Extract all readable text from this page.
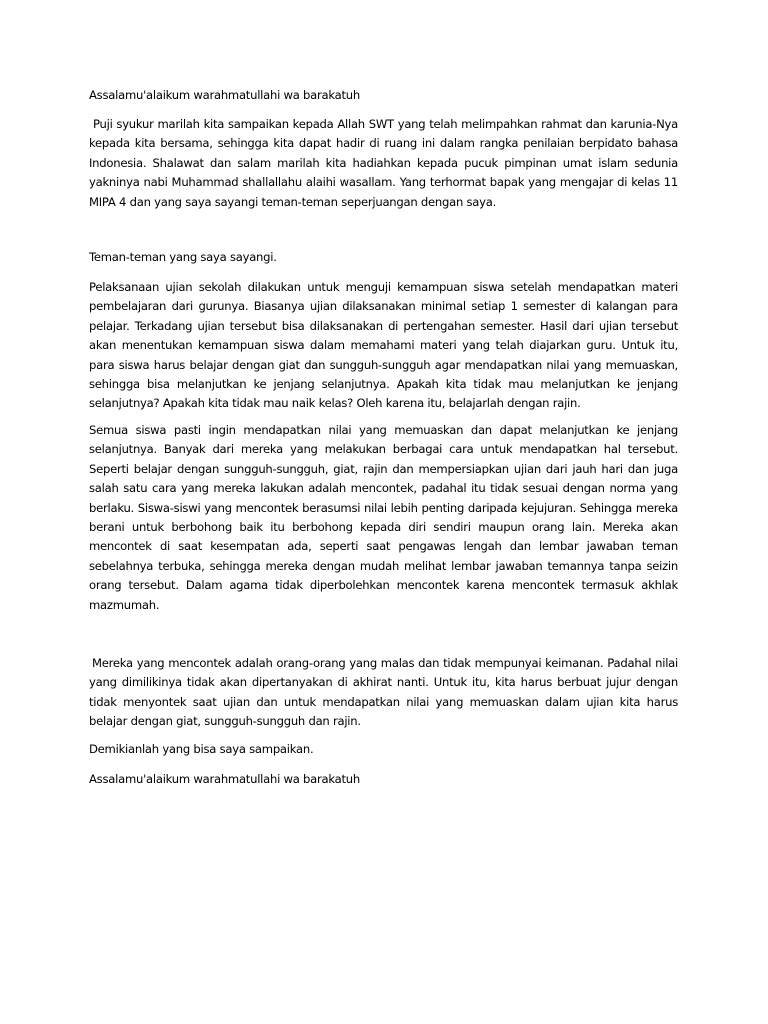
Assalamu'alaikum warahmatullahi wa barakatuh

Puji syukur marilah kita sampaikan kepada Allah SWT yang telah melimpahkan rahmat dan karunia-Nya kepada kita bersama, sehingga kita dapat hadir di ruang ini dalam rangka penilaian berpidato bahasa Indonesia. Shalawat dan salam marilah kita hadiahkan kepada pucuk pimpinan umat islam sedunia yakninya nabi Muhammad shallallahu alaihi wasallam. Yang terhormat bapak yang mengajar di kelas 11 MIPA 4 dan yang saya sayangi teman-teman seperjuangan dengan saya.

Teman-teman yang saya sayangi.

Pelaksanaan ujian sekolah dilakukan untuk menguji kemampuan siswa setelah mendapatkan materi pembelajaran dari gurunya. Biasanya ujian dilaksanakan minimal setiap 1 semester di kalangan para pelajar. Terkadang ujian tersebut bisa dilaksanakan di pertengahan semester. Hasil dari ujian tersebut akan menentukan kemampuan siswa dalam memahami materi yang telah diajarkan guru. Untuk itu, para siswa harus belajar dengan giat dan sungguh-sungguh agar mendapatkan nilai yang memuaskan, sehingga bisa melanjutkan ke jenjang selanjutnya. Apakah kita tidak mau melanjutkan ke jenjang selanjutnya? Apakah kita tidak mau naik kelas? Oleh karena itu, belajarlah dengan rajin.

Semua siswa pasti ingin mendapatkan nilai yang memuaskan dan dapat melanjutkan ke jenjang selanjutnya. Banyak dari mereka yang melakukan berbagai cara untuk mendapatkan hal tersebut. Seperti belajar dengan sungguh-sungguh, giat, rajin dan mempersiapkan ujian dari jauh hari dan juga salah satu cara yang mereka lakukan adalah mencontek, padahal itu tidak sesuai dengan norma yang berlaku. Siswa-siswi yang mencontek berasumsi nilai lebih penting daripada kejujuran. Sehingga mereka berani untuk berbohong baik itu berbohong kepada diri sendiri maupun orang lain. Mereka akan mencontek di saat kesempatan ada, seperti saat pengawas lengah dan lembar jawaban teman sebelahnya terbuka, sehingga mereka dengan mudah melihat lembar jawaban temannya tanpa seizin orang tersebut. Dalam agama tidak diperbolehkan mencontek karena mencontek termasuk akhlak mazmumah.

Mereka yang mencontek adalah orang-orang yang malas dan tidak mempunyai keimanan. Padahal nilai yang dimilikinya tidak akan dipertanyakan di akhirat nanti. Untuk itu, kita harus berbuat jujur dengan tidak menyontek saat ujian dan untuk mendapatkan nilai yang memuaskan dalam ujian kita harus belajar dengan giat, sungguh-sungguh dan rajin.

Demikianlah yang bisa saya sampaikan.

Assalamu'alaikum warahmatullahi wa barakatuh
